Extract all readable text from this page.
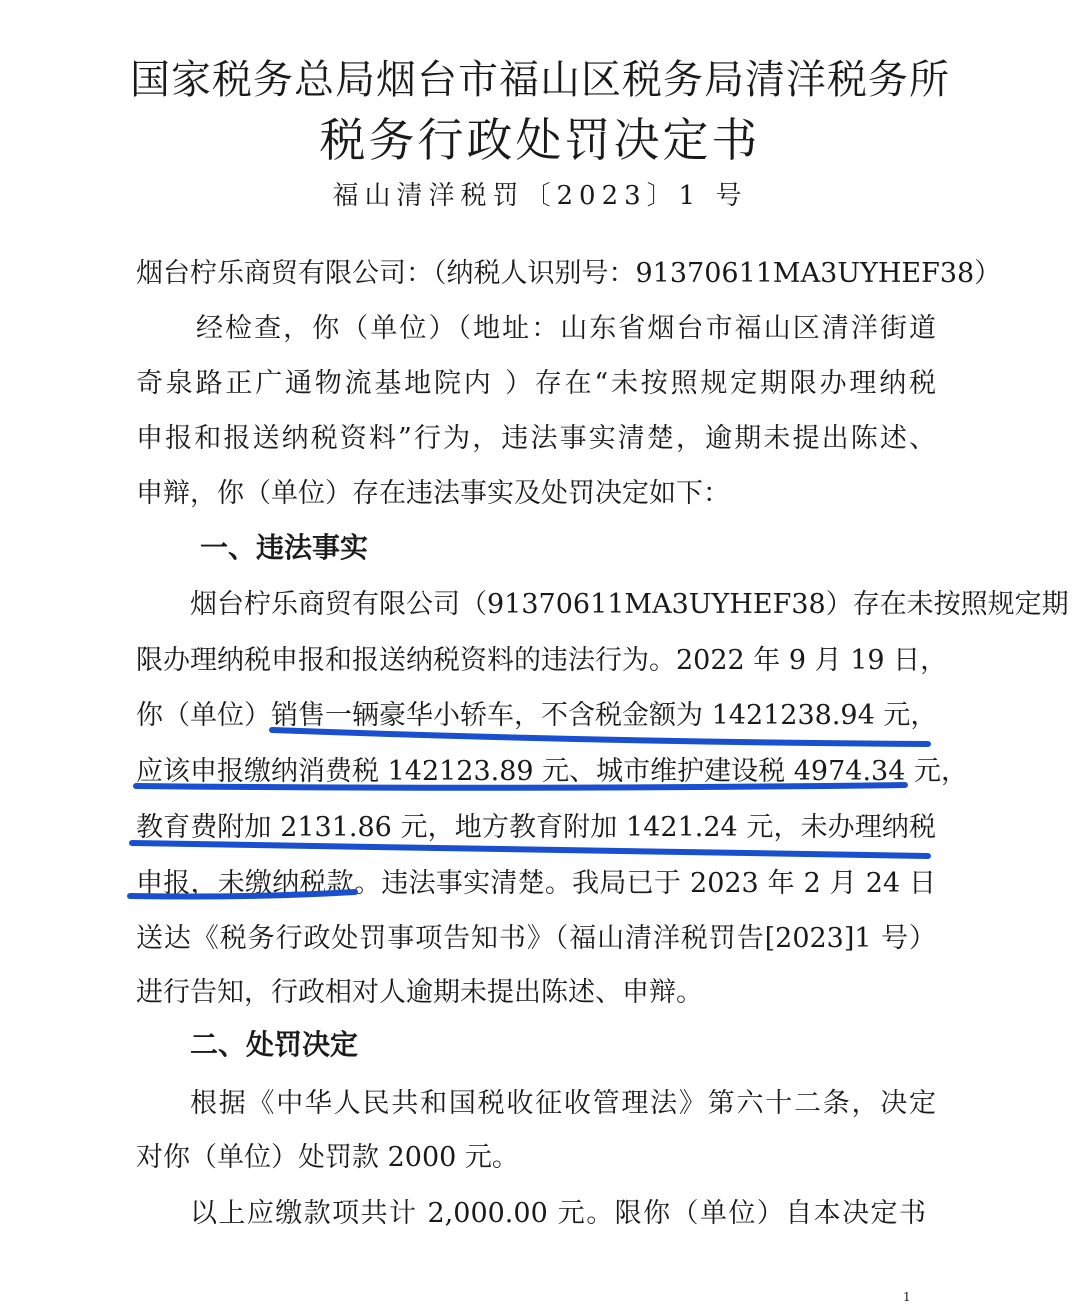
国家税务总局烟台市福山区税务局清洋税务所
税务行政处罚决定书
福山清洋税罚〔2023〕1 号
烟台柠乐商贸有限公司：（纳税人识别号：91370611MA3UYHEF38）
经检查，你（单位）（地址：山东省烟台市福山区清洋街道
奇泉路正广通物流基地院内 ）存在“未按照规定期限办理纳税
申报和报送纳税资料”行为，违法事实清楚，逾期未提出陈述、
申辩，你（单位）存在违法事实及处罚决定如下：
一、违法事实
烟台柠乐商贸有限公司（91370611MA3UYHEF38）存在未按照规定期
限办理纳税申报和报送纳税资料的违法行为。2022 年 9 月 19 日，
你（单位）销售一辆豪华小轿车，不含税金额为 1421238.94 元，
应该申报缴纳消费税 142123.89 元、城市维护建设税 4974.34 元，
教育费附加 2131.86 元，地方教育附加 1421.24 元，未办理纳税
申报，未缴纳税款。违法事实清楚。我局已于 2023 年 2 月 24 日
送达《税务行政处罚事项告知书》（福山清洋税罚告[2023]1 号）
进行告知，行政相对人逾期未提出陈述、申辩。
二、处罚决定
根据《中华人民共和国税收征收管理法》第六十二条，决定
对你（单位）处罚款 2000 元。
以上应缴款项共计 2,000.00 元。限你（单位）自本决定书
1
